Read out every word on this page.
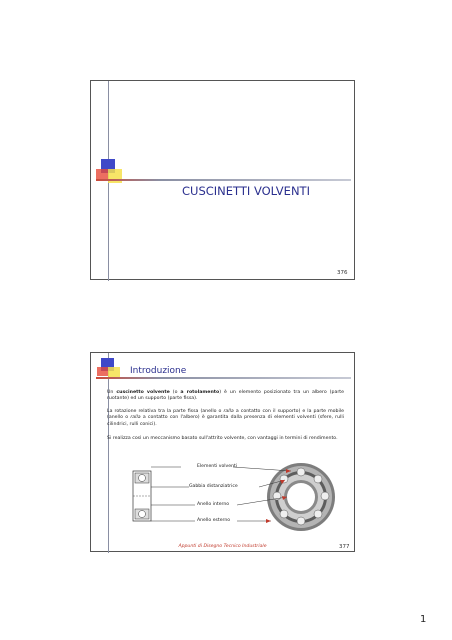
CUSCINETTI VOLVENTI
376
Introduzione
Un cuscinetto volvente (o a rotolamento) è un elemento posizionato tra un albero (parte ruotante) ed un supporto (parte fissa).
La rotazione relativa tra la parte fissa (anello o ralla a contatto con il supporto) e la parte mobile (anello o ralla a contatto con l'albero) è garantita dalla presenza di elementi volventi (sfere, rulli cilindrici, rulli conici).
Si realizza così un meccanismo basato sull'attrito volvente, con vantaggi in termini di rendimento.
Elementi volventi
Gabbia distanziatrice
Anello interno
Anello esterno
Appunti di Disegno Tecnico Industriale	377
1
